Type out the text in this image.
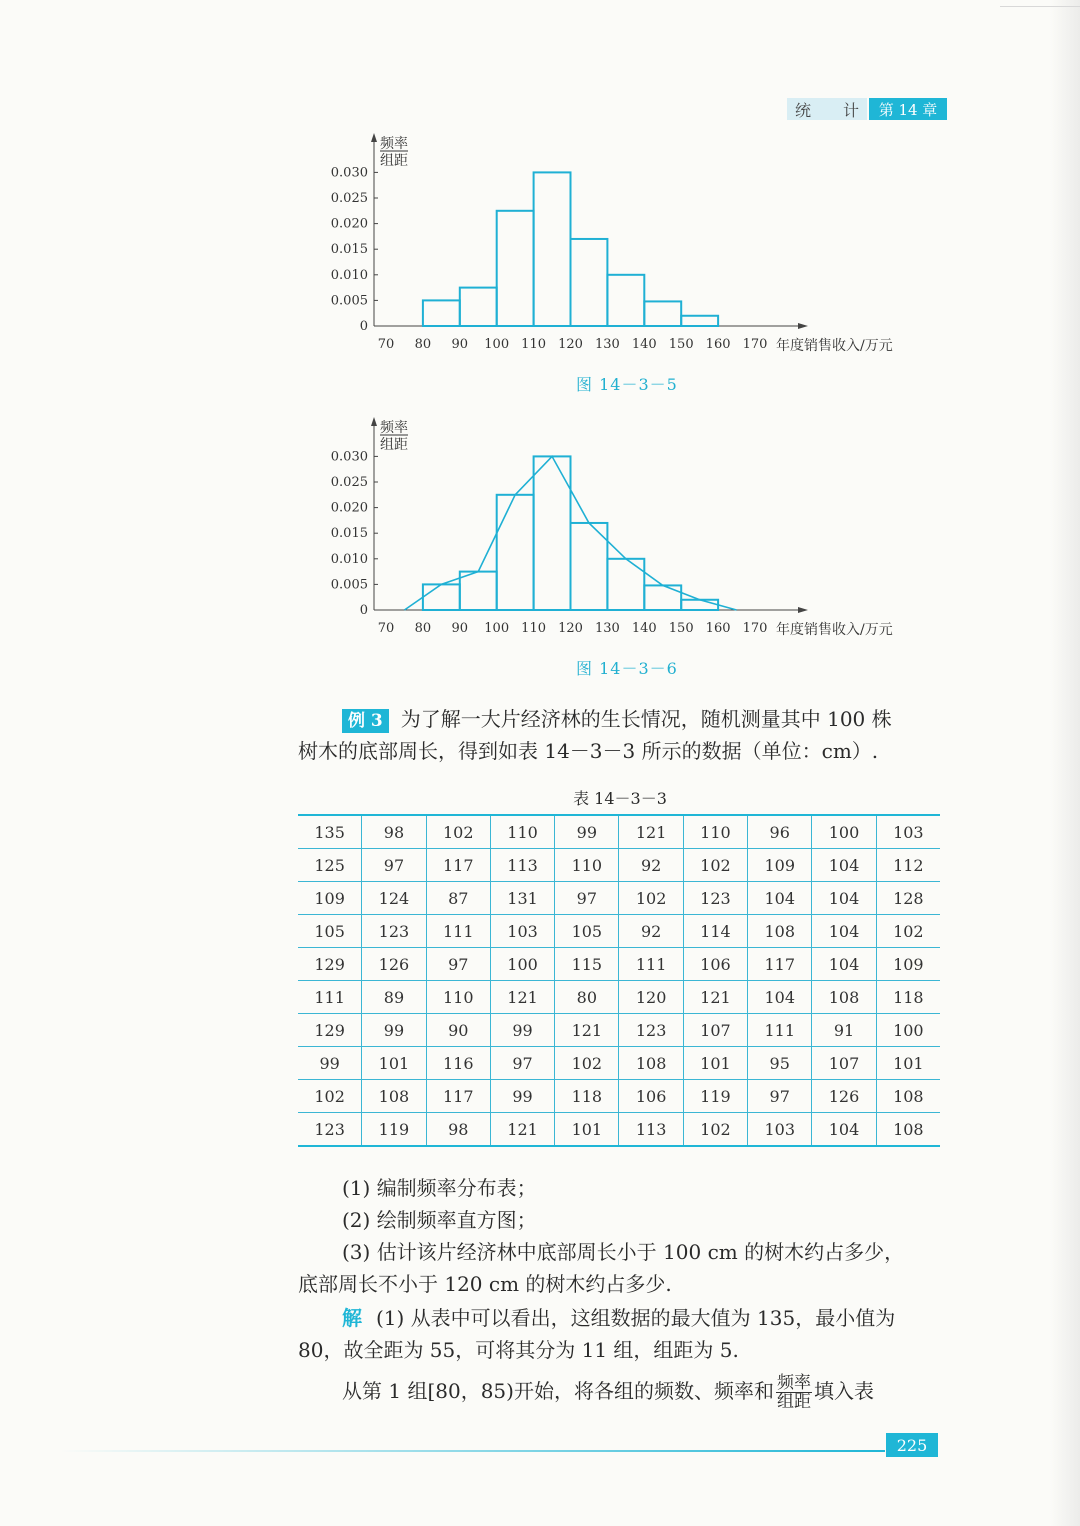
统 计	第 14 章
频率
组距
0.030
0.025
0.020
0.015
0.010
0.005
0
70 80 90 100 110 120 130 140 150 160 170 年度销售收入/万元
图 14－3－5
频率
组距
0.030
0.025
0.020
0.015
0.010
0.005
0
70 80 90 100 110 120 130 140 150 160 170 年度销售收入/万元
图 14－3－6
例 3 为了解一大片经济林的生长情况，随机测量其中 100 株
树木的底部周长，得到如表 14－3－3 所示的数据（单位：cm）.
表 14－3－3
135	98	102	110	99	121	110	96	100	103
125	97	117	113	110	92	102	109	104	112
109	124	87	131	97	102	123	104	104	128
105	123	111	103	105	92	114	108	104	102
129	126	97	100	115	111	106	117	104	109
111	89	110	121	80	120	121	104	108	118
129	99	90	99	121	123	107	111	91	100
99	101	116	97	102	108	101	95	107	101
102	108	117	99	118	106	119	97	126	108
123	119	98	121	101	113	102	103	104	108
(1) 编制频率分布表；
(2) 绘制频率直方图；
(3) 估计该片经济林中底部周长小于 100 cm 的树木约占多少，
底部周长不小于 120 cm 的树木约占多少.
解 (1) 从表中可以看出，这组数据的最大值为 135，最小值为
80，故全距为 55，可将其分为 11 组，组距为 5.
从第 1 组[80，85)开始，将各组的频数、频率和 $\frac{\text{频率}}{\text{组距}}$ 填入表
225
